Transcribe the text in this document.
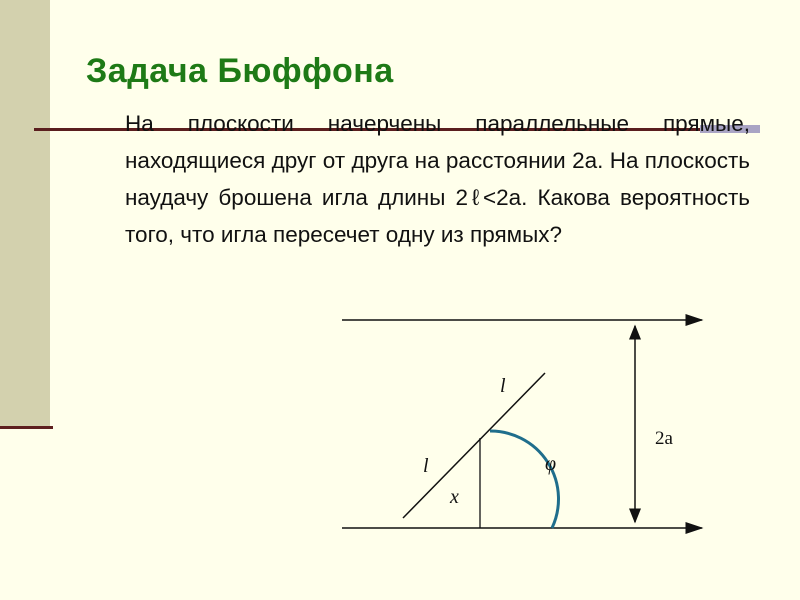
Задача Бюффона
На плоскости начерчены параллельные прямые, находящиеся друг от друга на расстоянии 2а. На плоскость наудачу брошена игла длины 2ℓ<2a. Какова вероятность того, что игла пересечет одну из прямых?
l
l
x
φ
2a
